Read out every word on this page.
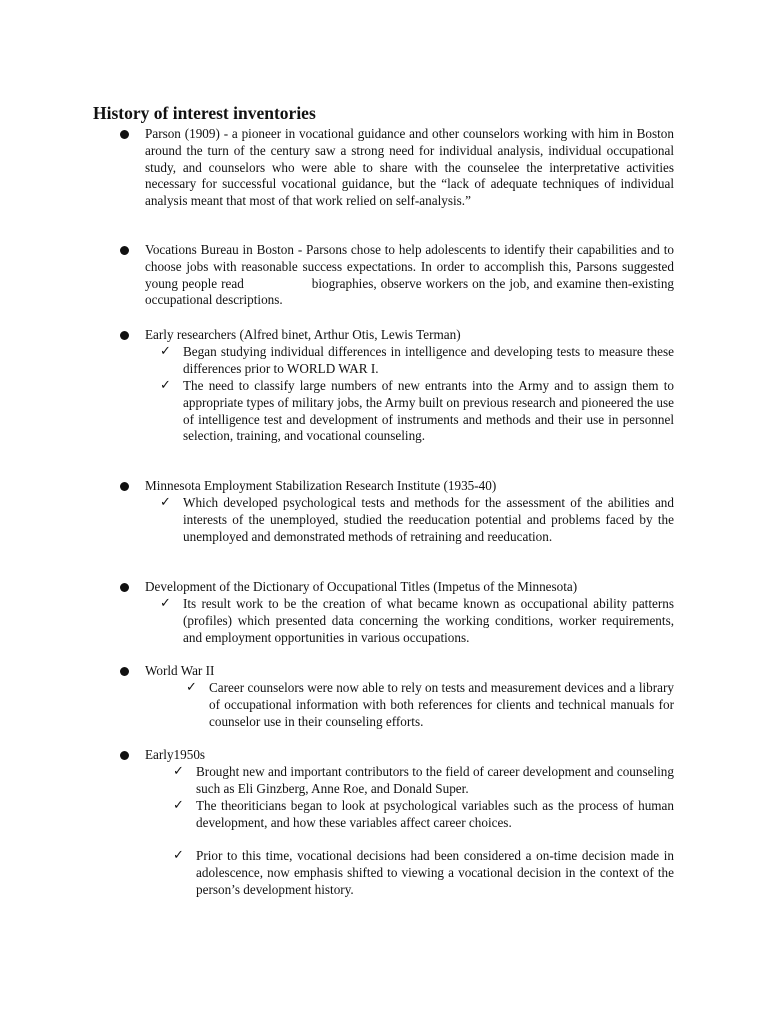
History of interest inventories
Parson (1909) - a pioneer in vocational guidance and other counselors working with him in Boston around the turn of the century saw a strong need for individual analysis, individual occupational study, and counselors who were able to share with the counselee the interpretative activities necessary for successful vocational guidance, but the “lack of adequate techniques of individual analysis meant that most of that work relied on self-analysis.”
Vocations Bureau in Boston - Parsons chose to help adolescents to identify their capabilities and to choose jobs with reasonable success expectations. In order to accomplish this, Parsons suggested young people read	biographies, observe workers on the job, and examine then-existing occupational descriptions.
Early researchers (Alfred binet, Arthur Otis, Lewis Terman)
✓ Began studying individual differences in intelligence and developing tests to measure these differences prior to WORLD WAR I.
✓ The need to classify large numbers of new entrants into the Army and to assign them to appropriate types of military jobs, the Army built on previous research and pioneered the use of intelligence test and development of instruments and methods and their use in personnel selection, training, and vocational counseling.
Minnesota Employment Stabilization Research Institute (1935-40)
✓ Which developed psychological tests and methods for the assessment of the abilities and interests of the unemployed, studied the reeducation potential and problems faced by the unemployed and demonstrated methods of retraining and reeducation.
Development of the Dictionary of Occupational Titles (Impetus of the Minnesota)
✓ Its result work to be the creation of what became known as occupational ability patterns (profiles) which presented data concerning the working conditions, worker requirements, and employment opportunities in various occupations.
World War II
✓ Career counselors were now able to rely on tests and measurement devices and a library of occupational information with both references for clients and technical manuals for counselor use in their counseling efforts.
Early1950s
✓ Brought new and important contributors to the field of career development and counseling such as Eli Ginzberg, Anne Roe, and Donald Super.
✓ The theoriticians began to look at psychological variables such as the process of human development, and how these variables affect career choices.
✓ Prior to this time, vocational decisions had been considered a on-time decision made in adolescence, now emphasis shifted to viewing a vocational decision in the context of the person’s development history.
